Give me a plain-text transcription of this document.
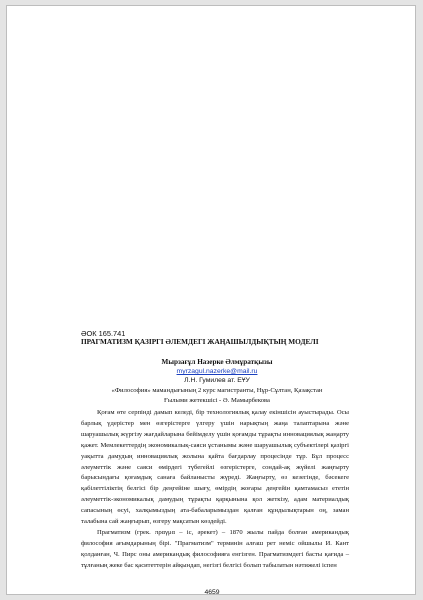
ӘОК 165.741
ПРАГМАТИЗМ ҚАЗІРГІ ӘЛЕМДЕГІ ЖАҢАШЫЛДЫҚТЫҢ МОДЕЛІ
Мырзағұл Назерке Әлмұратқызы
myrzagul.nazerke@mail.ru
Л.Н. Гумилев ат. ЕҰУ
«Философия» мамандығының 2 курс магистранты, Нұр-Сұлтан, Қазақстан
Ғылыми жетекшісі - Ә. Мамырбекова

Қоғам өте серпінді дамып келеді, бір технологиялық қалау екіншісін ауыстырады. Осы барлық үдерістер мен өзгерістерге үлгеру үшін нарықтың жаңа талаптарына және шаруашылық жүргізу жағдайларына бейімделу үшін қоғамды тұрақты инновациялық жаңарту қажет. Мемлекеттердің экономикалық-саяси ұстанымы және шаруашылық субъектілері қазіргі уақытта дамудың инновациялық жолына қайта бағдарлау процесінде тұр. Бұл процесс әлеуметтік және саяси өмірдегі түбегейлі өзгерістерге, сондай-ақ жүйелі жаңғырту барысындағы қоғамдық санаға байланысты жүреді. Жаңғырту, өз кезегінде, бәсекеге қабілеттіліктің белгісі бір деңгейіне шығу, өмірдің жоғары деңгейін қамтамасыз ететін әлеуметтік-экономикалық дамудың тұрақты қарқынына қол жеткізу, адам материалдық сапасының өсуі, халқымыздың ата-бабаларымыздан қалған құндылықтарын оң, заман талабына сай жаңғырып, өзгеру мақсатын көздейді.

Прагматизм (грек. πραγμα – іс, әрекет) – 1870 жылы пайда болған американдық философия ағымдарының бірі. "Прагматизм" терминін алғаш рет неміс ойшылы И. Кант қолданған, Ч. Пирс оны американдық философияға енгізген. Прагматизмдегі басты қағида – тұлғаның жеке бас қаситеттерін айқындап, негізгі белгісі болып табылатын нәтижелі іспен

4659
